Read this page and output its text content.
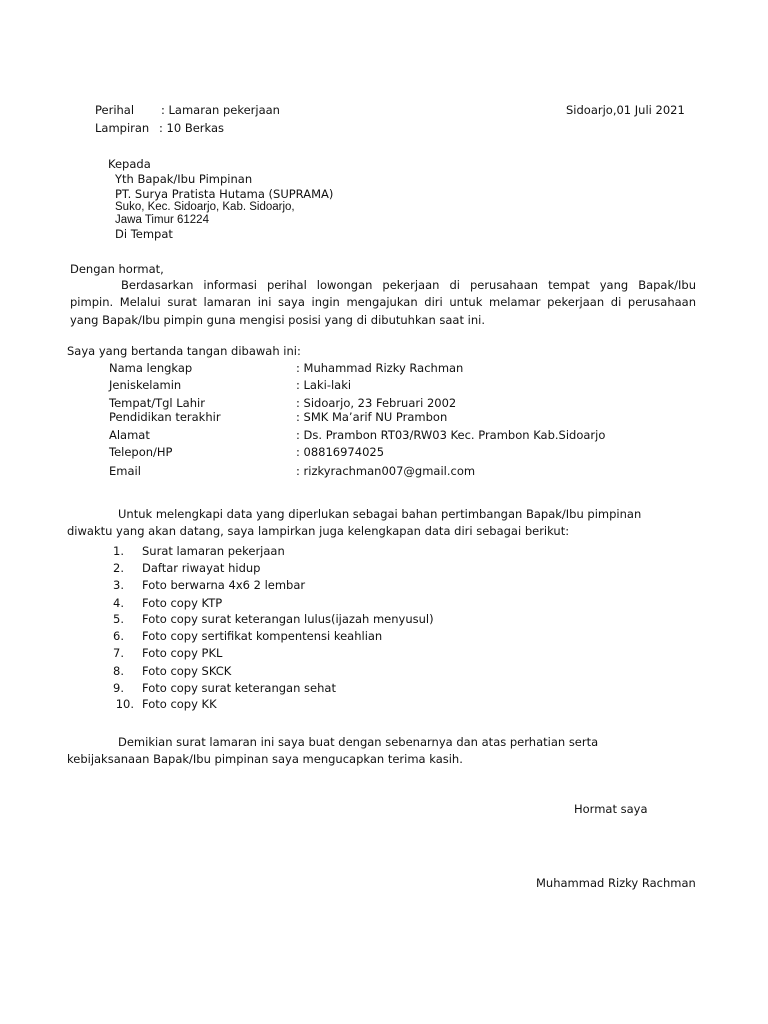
Perihal : Lamaran pekerjaan	Sidoarjo,01 Juli 2021
Lampiran : 10 Berkas
Kepada
Yth Bapak/Ibu Pimpinan
PT. Surya Pratista Hutama (SUPRAMA)
Suko, Kec. Sidoarjo, Kab. Sidoarjo,
Jawa Timur 61224
Di Tempat
Dengan hormat,
Berdasarkan informasi perihal lowongan pekerjaan di perusahaan tempat yang Bapak/Ibu
pimpin. Melalui surat lamaran ini saya ingin mengajukan diri untuk melamar pekerjaan di perusahaan
yang Bapak/Ibu pimpin guna mengisi posisi yang di dibutuhkan saat ini.
Saya yang bertanda tangan dibawah ini:
Nama lengkap	: Muhammad Rizky Rachman
Jeniskelamin	: Laki-laki
Tempat/Tgl Lahir	: Sidoarjo, 23 Februari 2002
Pendidikan terakhir	: SMK Ma’arif NU Prambon
Alamat	: Ds. Prambon RT03/RW03 Kec. Prambon Kab.Sidoarjo
Telepon/HP	: 08816974025
Email	: rizkyrachman007@gmail.com
Untuk melengkapi data yang diperlukan sebagai bahan pertimbangan Bapak/Ibu pimpinan
diwaktu yang akan datang, saya lampirkan juga kelengkapan data diri sebagai berikut:
1. Surat lamaran pekerjaan
2. Daftar riwayat hidup
3. Foto berwarna 4x6 2 lembar
4. Foto copy KTP
5. Foto copy surat keterangan lulus(ijazah menyusul)
6. Foto copy sertifikat kompentensi keahlian
7. Foto copy PKL
8. Foto copy SKCK
9. Foto copy surat keterangan sehat
10. Foto copy KK
Demikian surat lamaran ini saya buat dengan sebenarnya dan atas perhatian serta
kebijaksanaan Bapak/Ibu pimpinan saya mengucapkan terima kasih.
Hormat saya
Muhammad Rizky Rachman
